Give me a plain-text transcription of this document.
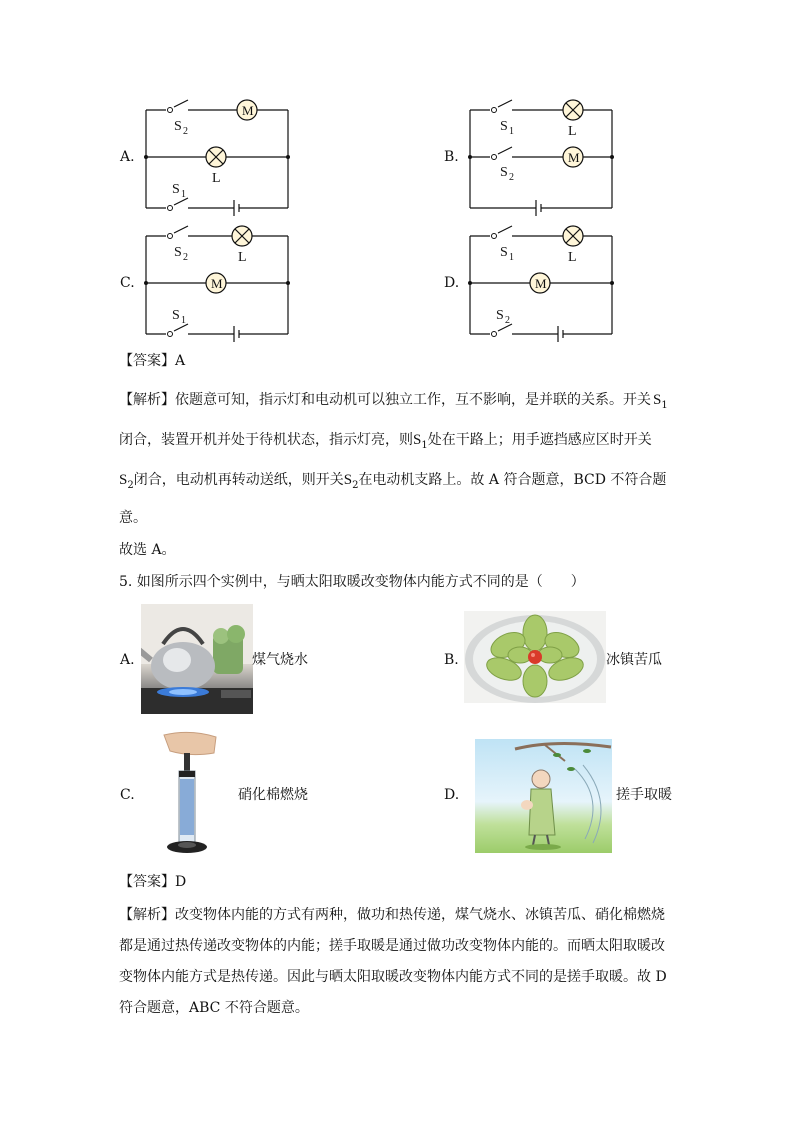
A.
M
S 2
L
S 1
B.	M
L
S 1
S 2
C.	M
L
S 2
S 1
D.	M
L
S 1
S 2
【答案】A
【解析】依题意可知，指示灯和电动机可以独立工作，互不影响，是并联的关系。开关 $S_1$
闭合，装置开机并处于待机状态，指示灯亮，则$S_1$处在干路上；用手遮挡感应区时开关
$S_2$闭合，电动机再转动送纸，则开关$S_2$在电动机支路上。故 A 符合题意，BCD 不符合题
意。
故选 A。
5. 如图所示四个实例中，与晒太阳取暖改变物体内能方式不同的是（　　）
A.	煤气烧水	B.	冰镇苦瓜
C.	硝化棉燃烧	D.	搓手取暖
【答案】D
【解析】改变物体内能的方式有两种，做功和热传递，煤气烧水、冰镇苦瓜、硝化棉燃烧
都是通过热传递改变物体的内能；搓手取暖是通过做功改变物体内能的。而晒太阳取暖改
变物体内能方式是热传递。因此与晒太阳取暖改变物体内能方式不同的是搓手取暖。故 D
符合题意，ABC 不符合题意。
